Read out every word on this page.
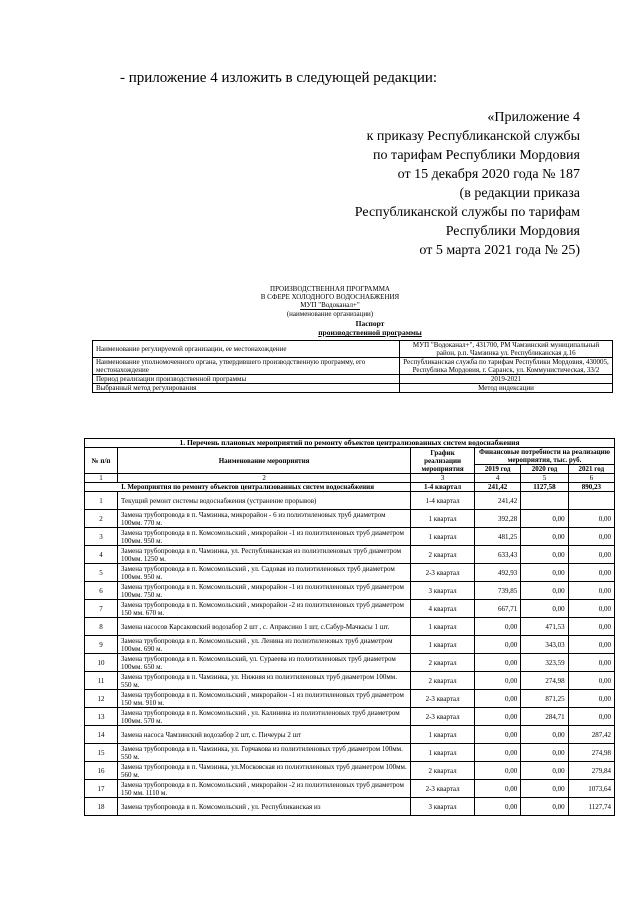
- приложение 4 изложить в следующей редакции:
«Приложение 4
к приказу Республиканской службы
по тарифам Республики Мордовия
от 15 декабря 2020 года № 187
(в редакции приказа
Республиканской службы по тарифам
Республики Мордовия
от 5 марта 2021 года № 25)
ПРОИЗВОДСТВЕННАЯ ПРОГРАММА
В СФЕРЕ ХОЛОДНОГО ВОДОСНАБЖЕНИЯ
МУП "Водоканал+"
(наименование организации)
Паспорт
производственной программы
Наименование регулируемой организации, ее местонахождение	МУП "Водоканал+", 431700, РМ Чамзинский муниципальный район, р.п. Чамзинка ул. Республиканская д.16
Наименование уполномоченного органа, утвердившего производственную программу, его местонахождение	Республиканская служба по тарифам Республики Мордовия, 430005, Республика Мордовия, г. Саранск, ул. Коммунистическая, 33/2
Период реализации производственной программы	2019-2021
Выбранный метод регулирования	Метод индексации
1. Перечень плановых мероприятий по ремонту объектов централизованных систем водоснабжения					
№ п/п	Наименование мероприятия	График реализации мероприятия	Финансовые потребности на реализацию мероприятия, тыс. руб.		
			2019 год	2020 год	2021 год
1	2	3	4	5	6
I. Мероприятия по ремонту объектов централизованных систем водоснабжения		1-4 квартал	241,42	1127,58	890,23
1	Текущий ремонт системы водоснабжения (устранение прорывов)	1-4 квартал	241,42		
2	Замена трубопровода в п. Чамзинка, микрорайон - 6 из полиэтиленовых труб диаметром 100мм. 770 м.	1 квартал	392,28	0,00	0,00
3	Замена трубопровода в п. Комсомольский , микрорайон -1 из полиэтиленовых труб диаметром 100мм. 950 м.	1 квартал	481,25	0,00	0,00
4	Замена трубопровода в п. Чамзинка, ул. Республиканская из полиэтиленовых труб диаметром 100мм. 1250 м.	2 квартал	633,43	0,00	0,00
5	Замена трубопровода в п. Комсомольский , ул. Садовая из полиэтиленовых труб диаметром 100мм. 950 м.	2-3 квартал	492,93	0,00	0,00
6	Замена трубопровода в п. Комсомольский , микрорайон -1 из полиэтиленовых труб диаметром 100мм. 750 м.	3 квартал	739,85	0,00	0,00
7	Замена трубопровода в п. Комсомольский , микрорайон -2 из полиэтиленовых труб диаметром 150 мм. 670 м.	4 квартал	667,71	0,00	0,00
8	Замена насосов Карсаковский водозабор 2 шт , с. Апраксино 1 шт, с.Сабур-Мачкасы 1 шт.	1 квартал	0,00	471,53	0,00
9	Замена трубопровода в п. Комсомольский , ул. Ленина из полиэтиленовых труб диаметром 100мм. 690 м.	1 квартал	0,00	343,03	0,00
10	Замена трубопровода в п. Комсомольский, ул. Сураеева из полиэтиленовых труб диаметром 100мм. 650 м.	2 квартал	0,00	323,59	0,00
11	Замена трубопровода в п. Чамзинка, ул. Нижняя из полиэтиленовых труб диаметром 100мм. 550 м.	2 квартал	0,00	274,98	0,00
12	Замена трубопровода в п. Комсомольский , микрорайон -1 из полиэтиленовых труб диаметром 150 мм. 910 м.	2-3 квартал	0,00	871,25	0,00
13	Замена трубопровода в п. Комсомольский , ул. Калинина из полиэтиленовых труб диаметром 100мм. 570 м.	2-3 квартал	0,00	284,71	0,00
14	Замена насоса Чамзинский водозабор 2 шт, с. Пичеуры 2 шт	1 квартал	0,00	0,00	287,42
15	Замена трубопровода в п. Чамзинка, ул. Горчакова из полиэтиленовых труб диаметром 100мм. 550 м.	1 квартал	0,00	0,00	274,98
16	Замена трубопровода в п. Чамзинка, ул.Московская из полиэтиленовых труб диаметром 100мм. 560 м.	2 квартал	0,00	0,00	279,84
17	Замена трубопровода в п. Комсомольский , микрорайон -2 из полиэтиленовых труб диаметром 150 мм. 1110 м.	2-3 квартал	0,00	0,00	1073,64
18	Замена трубопровода в п. Комсомольский , ул. Республиканская из	3 квартал	0,00	0,00	1127,74
